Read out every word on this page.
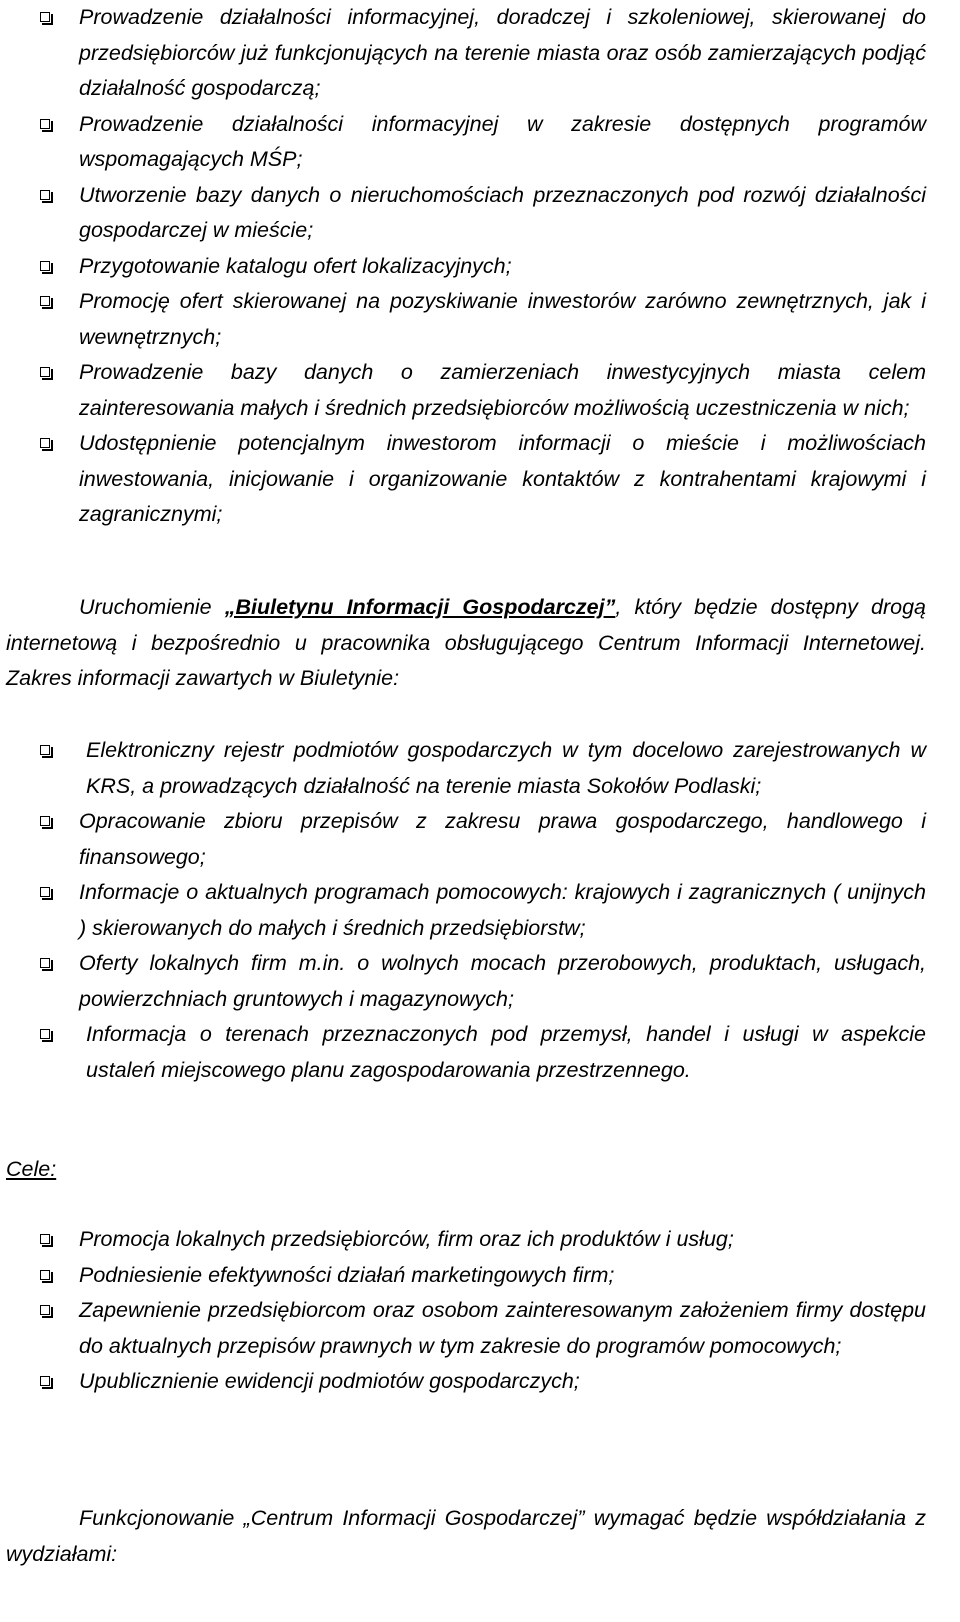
Prowadzenie działalności informacyjnej, doradczej i szkoleniowej, skierowanej do przedsiębiorców już funkcjonujących na terenie miasta oraz osób zamierzających podjąć działalność gospodarczą;
Prowadzenie działalności informacyjnej w zakresie dostępnych programów wspomagających MŚP;
Utworzenie bazy danych o nieruchomościach przeznaczonych pod rozwój działalności gospodarczej w mieście;
Przygotowanie katalogu ofert lokalizacyjnych;
Promocję ofert skierowanej na pozyskiwanie inwestorów zarówno zewnętrznych, jak i wewnętrznych;
Prowadzenie bazy danych o zamierzeniach inwestycyjnych miasta celem zainteresowania małych i średnich przedsiębiorców możliwością uczestniczenia w nich;
Udostępnienie potencjalnym inwestorom informacji o mieście i możliwościach inwestowania, inicjowanie i organizowanie kontaktów z kontrahentami krajowymi i zagranicznymi;

Uruchomienie „Biuletynu Informacji Gospodarczej”, który będzie dostępny drogą internetową i bezpośrednio u pracownika obsługującego Centrum Informacji Internetowej. Zakres informacji zawartych w Biuletynie:

Elektroniczny rejestr podmiotów gospodarczych w tym docelowo zarejestrowanych w KRS, a prowadzących działalność na terenie miasta Sokołów Podlaski;
Opracowanie zbioru przepisów z zakresu prawa gospodarczego, handlowego i finansowego;
Informacje o aktualnych programach pomocowych: krajowych i zagranicznych ( unijnych ) skierowanych do małych i średnich przedsiębiorstw;
Oferty lokalnych firm m.in. o wolnych mocach przerobowych, produktach, usługach, powierzchniach gruntowych i magazynowych;
Informacja o terenach przeznaczonych pod przemysł, handel i usługi w aspekcie ustaleń miejscowego planu zagospodarowania przestrzennego.
Cele:
Promocja lokalnych przedsiębiorców, firm oraz ich produktów i usług;
Podniesienie efektywności działań marketingowych firm;
Zapewnienie przedsiębiorcom oraz osobom zainteresowanym założeniem firmy dostępu do aktualnych przepisów prawnych w tym zakresie do programów pomocowych;
Upublicznienie ewidencji podmiotów gospodarczych;

Funkcjonowanie „Centrum Informacji Gospodarczej” wymagać będzie współdziałania z wydziałami:
